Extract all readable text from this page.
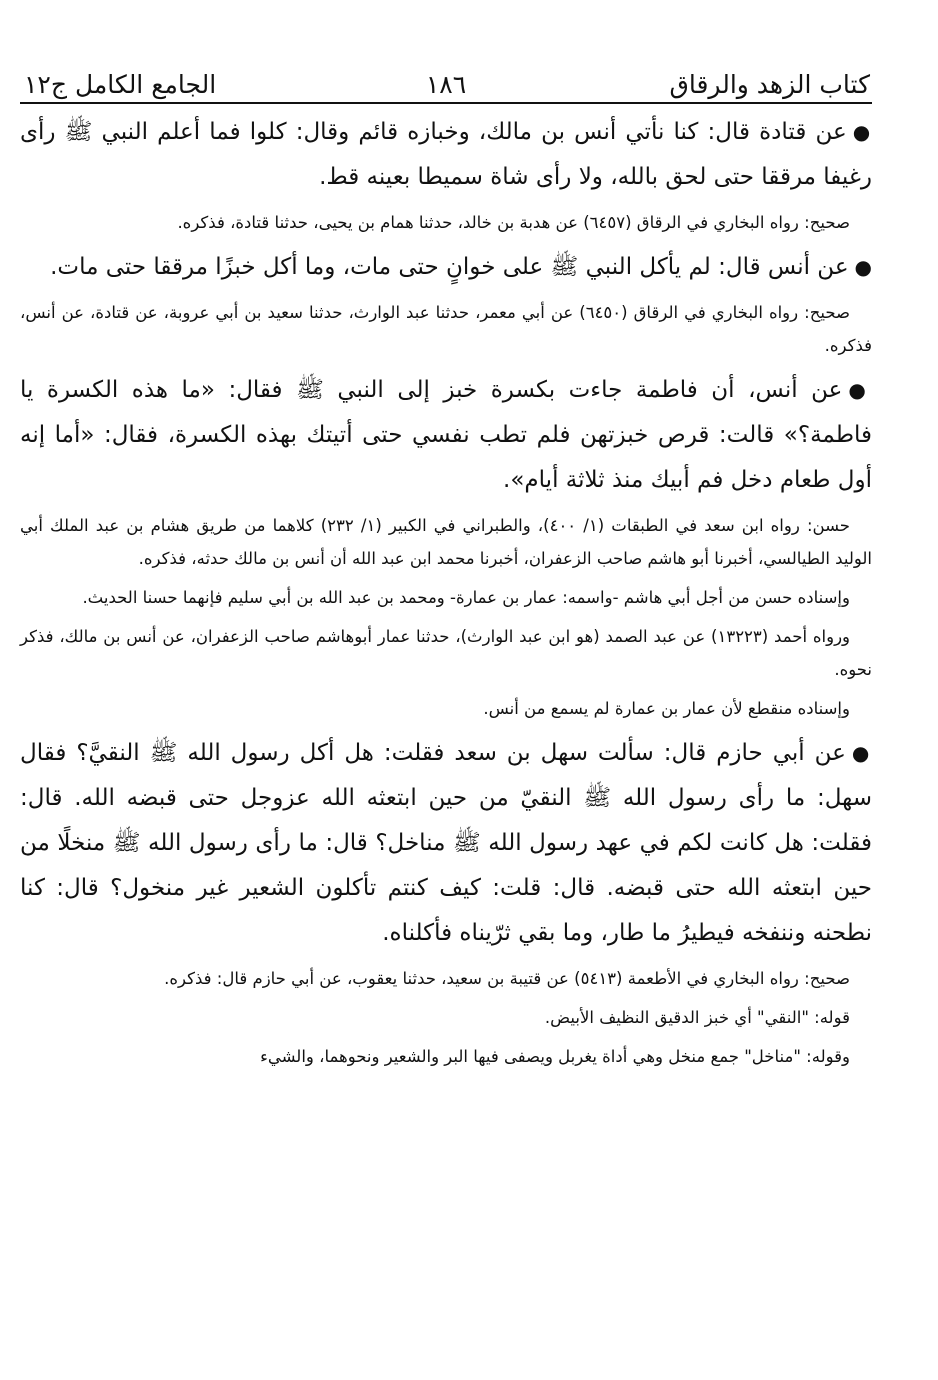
كتاب الزهد والرقاق
١٨٦
الجامع الكامل ج١٢

●عن قتادة قال: كنا نأتي أنس بن مالك، وخبازه قائم وقال: كلوا فما أعلم النبي ﷺ رأى رغيفا مرققا حتى لحق بالله، ولا رأى شاة سميطا بعينه قط.

صحيح: رواه البخاري في الرقاق (٦٤٥٧) عن هدبة بن خالد، حدثنا همام بن يحيى، حدثنا قتادة، فذكره.

●عن أنس قال: لم يأكل النبي ﷺ على خوانٍ حتى مات، وما أكل خبزًا مرققا حتى مات.

صحيح: رواه البخاري في الرقاق (٦٤٥٠) عن أبي معمر، حدثنا عبد الوارث، حدثنا سعيد بن أبي عروبة، عن قتادة، عن أنس، فذكره.

●عن أنس، أن فاطمة جاءت بكسرة خبز إلى النبي ﷺ فقال: «ما هذه الكسرة يا فاطمة؟» قالت: قرص خبزتهن فلم تطب نفسي حتى أتيتك بهذه الكسرة، فقال: «أما إنه أول طعام دخل فم أبيك منذ ثلاثة أيام».

حسن: رواه ابن سعد في الطبقات (١/ ٤٠٠)، والطبراني في الكبير (١/ ٢٣٢) كلاهما من طريق هشام بن عبد الملك أبي الوليد الطيالسي، أخبرنا أبو هاشم صاحب الزعفران، أخبرنا محمد ابن عبد الله أن أنس بن مالك حدثه، فذكره.

وإسناده حسن من أجل أبي هاشم -واسمه: عمار بن عمارة- ومحمد بن عبد الله بن أبي سليم فإنهما حسنا الحديث.

ورواه أحمد (١٣٢٢٣) عن عبد الصمد (هو ابن عبد الوارث)، حدثنا عمار أبوهاشم صاحب الزعفران، عن أنس بن مالك، فذكر نحوه.

وإسناده منقطع لأن عمار بن عمارة لم يسمع من أنس.

●عن أبي حازم قال: سألت سهل بن سعد فقلت: هل أكل رسول الله ﷺ النقيَّ؟ فقال سهل: ما رأى رسول الله ﷺ النقيّ من حين ابتعثه الله عزوجل حتى قبضه الله. قال: فقلت: هل كانت لكم في عهد رسول الله ﷺ مناخل؟ قال: ما رأى رسول الله ﷺ منخلًا من حين ابتعثه الله حتى قبضه. قال: قلت: كيف كنتم تأكلون الشعير غير منخول؟ قال: كنا نطحنه وننفخه فيطيرُ ما طار، وما بقي ثرّيناه فأكلناه.

صحيح: رواه البخاري في الأطعمة (٥٤١٣) عن قتيبة بن سعيد، حدثنا يعقوب، عن أبي حازم قال: فذكره.

قوله: "النقي" أي خبز الدقيق النظيف الأبيض.

وقوله: "مناخل" جمع منخل وهي أداة يغربل ويصفى فيها البر والشعير ونحوهما، والشيء
